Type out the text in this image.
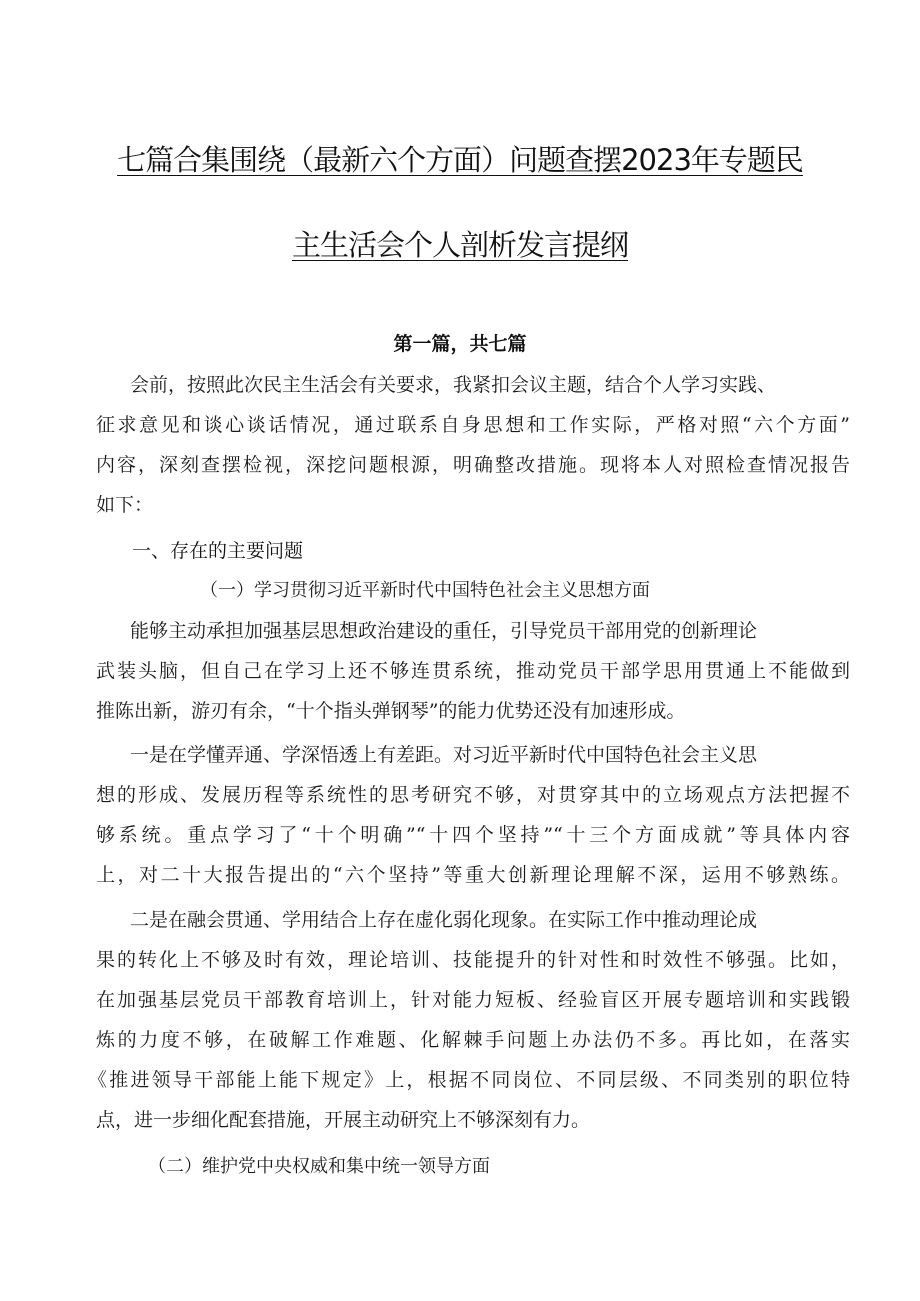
七篇合集围绕（最新六个方面）问题查摆2023年专题民
主生活会个人剖析发言提纲
第一篇，共七篇
会前，按照此次民主生活会有关要求，我紧扣会议主题，结合个人学习实践、
征求意见和谈心谈话情况，通过联系自身思想和工作实际，严格对照“六个方面”
内容，深刻查摆检视，深挖问题根源，明确整改措施。现将本人对照检查情况报告
如下：
一、存在的主要问题
（一）学习贯彻习近平新时代中国特色社会主义思想方面
能够主动承担加强基层思想政治建设的重任，引导党员干部用党的创新理论
武装头脑，但自己在学习上还不够连贯系统，推动党员干部学思用贯通上不能做到
推陈出新，游刃有余，“十个指头弹钢琴”的能力优势还没有加速形成。
一是在学懂弄通、学深悟透上有差距。对习近平新时代中国特色社会主义思
想的形成、发展历程等系统性的思考研究不够，对贯穿其中的立场观点方法把握不
够系统。重点学习了“十个明确”“十四个坚持”“十三个方面成就”等具体内容
上，对二十大报告提出的“六个坚持”等重大创新理论理解不深，运用不够熟练。
二是在融会贯通、学用结合上存在虚化弱化现象。在实际工作中推动理论成
果的转化上不够及时有效，理论培训、技能提升的针对性和时效性不够强。比如，
在加强基层党员干部教育培训上，针对能力短板、经验盲区开展专题培训和实践锻
炼的力度不够，在破解工作难题、化解棘手问题上办法仍不多。再比如，在落实
《推进领导干部能上能下规定》上，根据不同岗位、不同层级、不同类别的职位特
点，进一步细化配套措施，开展主动研究上不够深刻有力。
（二）维护党中央权威和集中统一领导方面
